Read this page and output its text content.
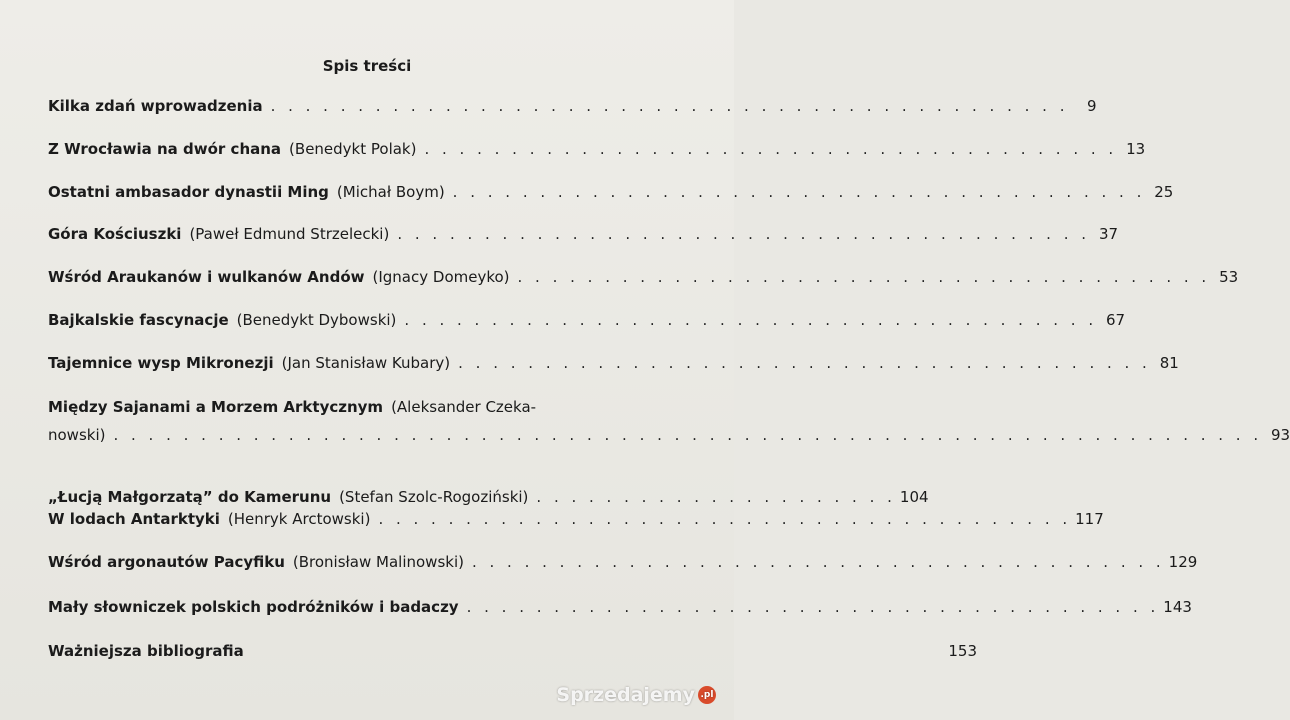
Spis treści
Kilka zdań wprowadzenia . . . . . . . . . . . . . . . . . . . . . . . . . . . . . . . . . . . . . . . . . . . . . .	9
Z Wrocławia na dwór chana (Benedykt Polak) . . . . . . . . . . . . . . . . . . . . . . . . . . . . . . . . . . . . . . . . 13
Ostatni ambasador dynastii Ming (Michał Boym) . . . . . . . . . . . . . . . . . . . . . . . . . . . . . . . . . . . . . . . . 25
Góra Kościuszki (Paweł Edmund Strzelecki) . . . . . . . . . . . . . . . . . . . . . . . . . . . . . . . . . . . . . . . . 37
Wśród Araukanów i wulkanów Andów (Ignacy Domeyko) . . . . . . . . . . . . . . . . . . . . . . . . . . . . . . . . . . . . . . . . 53
Bajkalskie fascynacje (Benedykt Dybowski) . . . . . . . . . . . . . . . . . . . . . . . . . . . . . . . . . . . . . . . . 67
Tajemnice wysp Mikronezji (Jan Stanisław Kubary) . . . . . . . . . . . . . . . . . . . . . . . . . . . . . . . . . . . . . . . . 81
Między Sajanami a Morzem Arktycznym (Aleksander Czeka-
nowski) . . . . . . . . . . . . . . . . . . . . . . . . . . . . . . . . . . . . . . . . . . . . . . . . . . . . . . . . . . . . . . . . . . 93
„Łucją Małgorzatą” do Kamerunu (Stefan Szolc-Rogoziński) . . . . . . . . . . . . . . . . . . . . . 104
W lodach Antarktyki (Henryk Arctowski) . . . . . . . . . . . . . . . . . . . . . . . . . . . . . . . . . . . . . . . . 117
Wśród argonautów Pacyfiku (Bronisław Malinowski) . . . . . . . . . . . . . . . . . . . . . . . . . . . . . . . . . . . . . . . . 129
Mały słowniczek polskich podróżników i badaczy . . . . . . . . . . . . . . . . . . . . . . . . . . . . . . . . . . . . . . . . 143
Ważniejsza bibliografia	153
Sprzedajemy .pl
